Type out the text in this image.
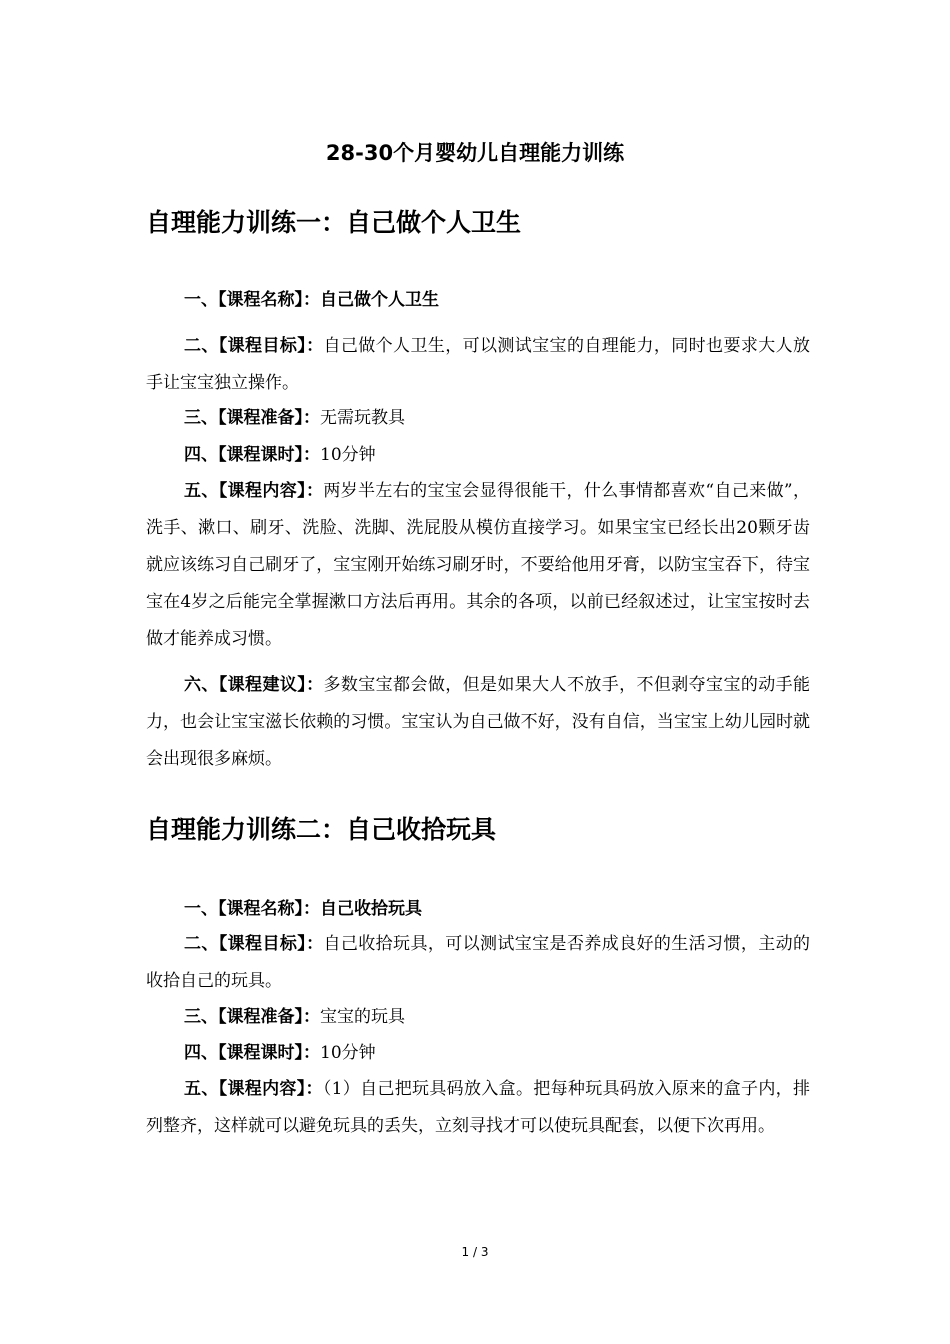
28-30个月婴幼儿自理能力训练
自理能力训练一：自己做个人卫生

一、【课程名称】：自己做个人卫生

二、【课程目标】：自己做个人卫生，可以测试宝宝的自理能力，同时也要求大人放手让宝宝独立操作。

三、【课程准备】：无需玩教具

四、【课程课时】：10分钟

五、【课程内容】：两岁半左右的宝宝会显得很能干，什么事情都喜欢“自己来做”，洗手、漱口、刷牙、洗脸、洗脚、洗屁股从模仿直接学习。如果宝宝已经长出20颗牙齿就应该练习自己刷牙了，宝宝刚开始练习刷牙时，不要给他用牙膏，以防宝宝吞下，待宝宝在4岁之后能完全掌握漱口方法后再用。其余的各项，以前已经叙述过，让宝宝按时去做才能养成习惯。

六、【课程建议】：多数宝宝都会做，但是如果大人不放手，不但剥夺宝宝的动手能力，也会让宝宝滋长依赖的习惯。宝宝认为自己做不好，没有自信，当宝宝上幼儿园时就会出现很多麻烦。

自理能力训练二：自己收拾玩具

一、【课程名称】：自己收拾玩具

二、【课程目标】：自己收拾玩具，可以测试宝宝是否养成良好的生活习惯，主动的收拾自己的玩具。

三、【课程准备】：宝宝的玩具

四、【课程课时】：10分钟

五、【课程内容】：（1）自己把玩具码放入盒。把每种玩具码放入原来的盒子内，排列整齐，这样就可以避免玩具的丢失，立刻寻找才可以使玩具配套，以便下次再用。

1 / 3
